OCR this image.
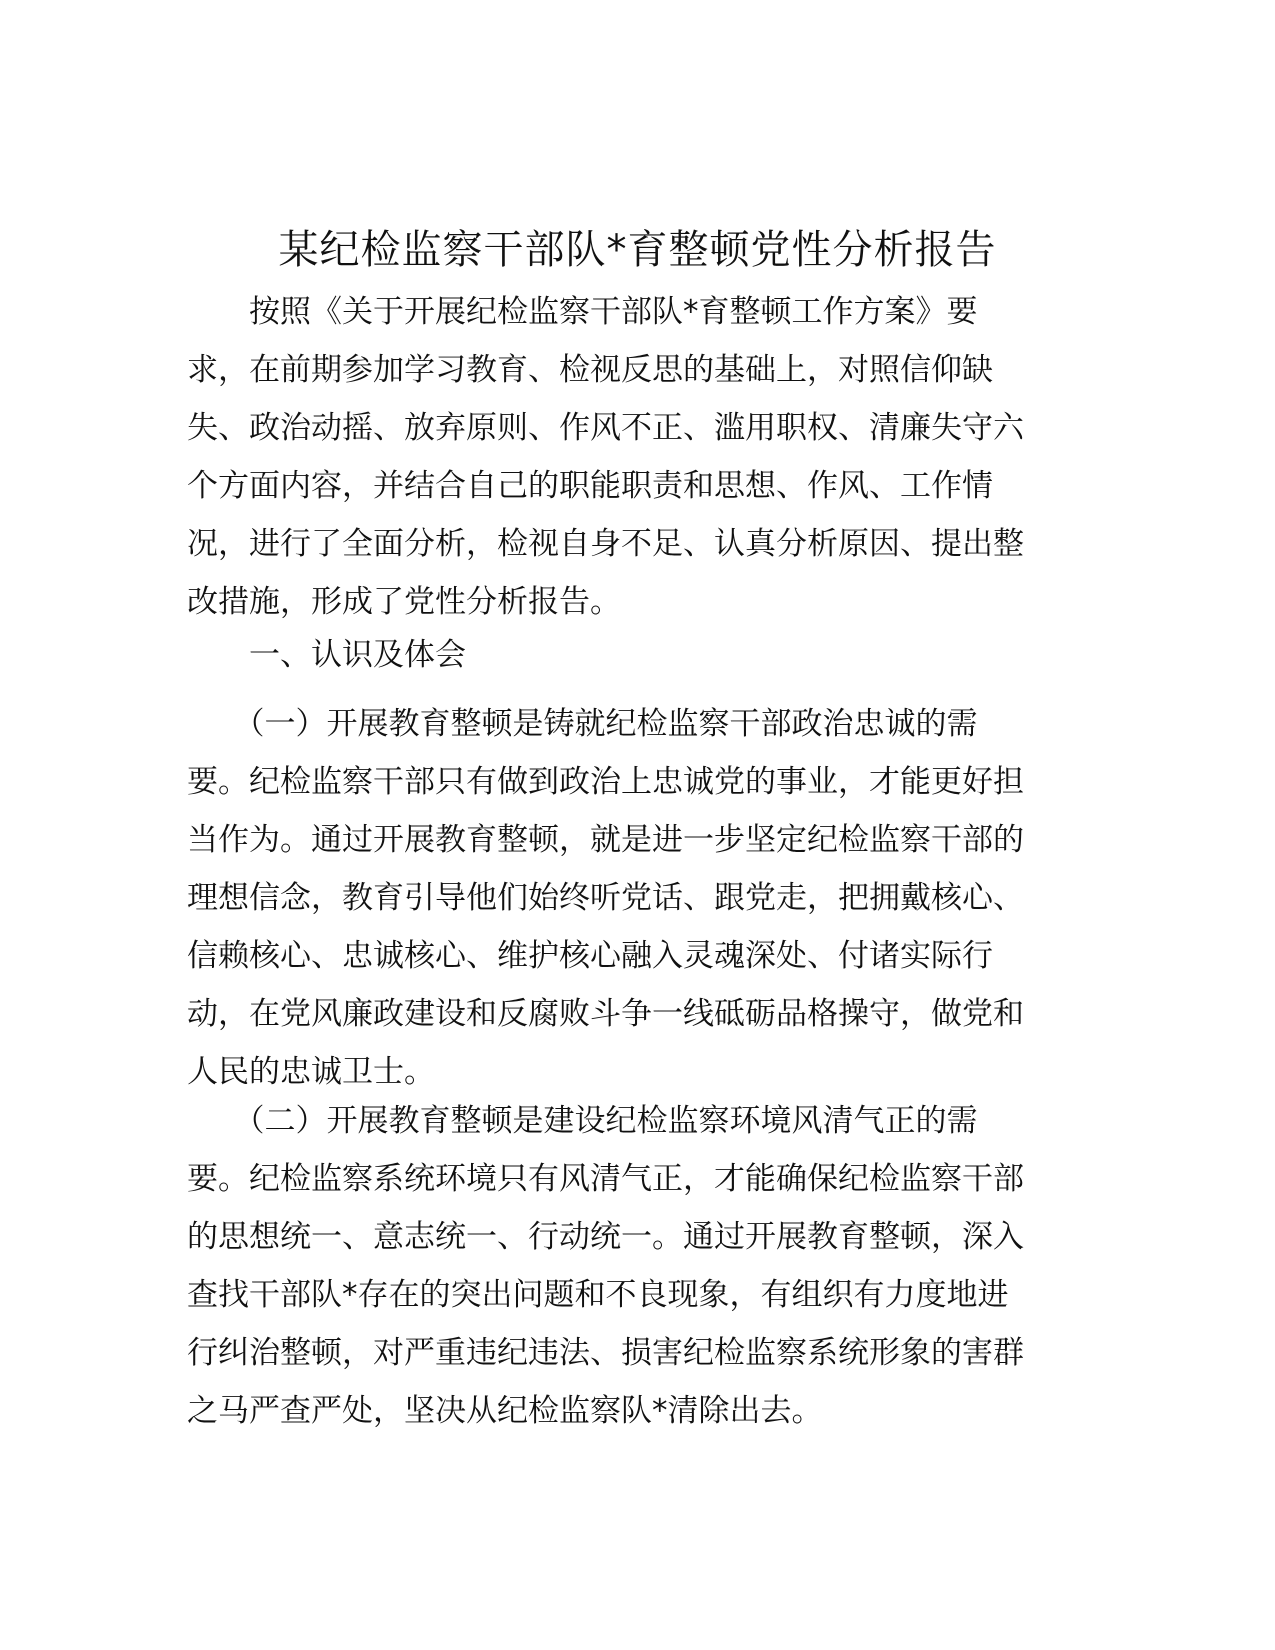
某纪检监察干部队*育整顿党性分析报告
　　按照《关于开展纪检监察干部队*育整顿工作方案》要
求，在前期参加学习教育、检视反思的基础上，对照信仰缺
失、政治动摇、放弃原则、作风不正、滥用职权、清廉失守六
个方面内容，并结合自己的职能职责和思想、作风、工作情
况，进行了全面分析，检视自身不足、认真分析原因、提出整
改措施，形成了党性分析报告。
　　一、认识及体会
　　（一）开展教育整顿是铸就纪检监察干部政治忠诚的需
要。纪检监察干部只有做到政治上忠诚党的事业，才能更好担
当作为。通过开展教育整顿，就是进一步坚定纪检监察干部的
理想信念，教育引导他们始终听党话、跟党走，把拥戴核心、
信赖核心、忠诚核心、维护核心融入灵魂深处、付诸实际行
动，在党风廉政建设和反腐败斗争一线砥砺品格操守，做党和
人民的忠诚卫士。
　　（二）开展教育整顿是建设纪检监察环境风清气正的需
要。纪检监察系统环境只有风清气正，才能确保纪检监察干部
的思想统一、意志统一、行动统一。通过开展教育整顿，深入
查找干部队*存在的突出问题和不良现象，有组织有力度地进
行纠治整顿，对严重违纪违法、损害纪检监察系统形象的害群
之马严查严处，坚决从纪检监察队*清除出去。
